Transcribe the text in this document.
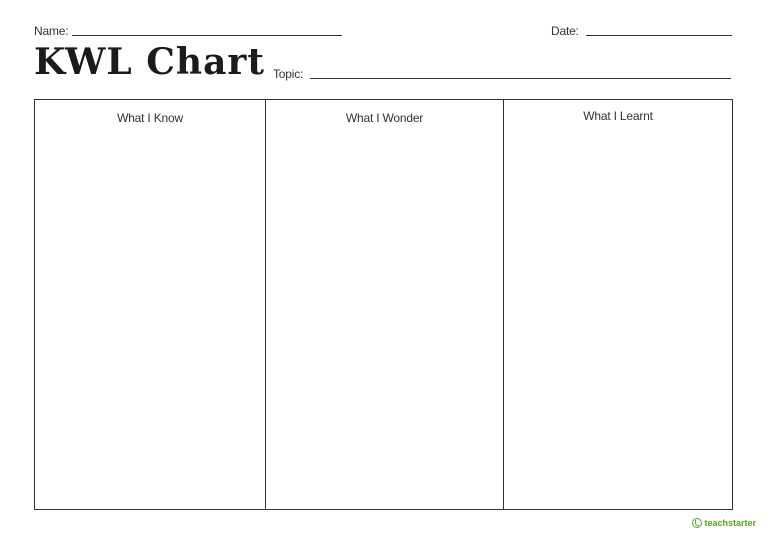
Name:	Date:
KWL Chart Topic:
What I Know	What I Wonder	What I Learnt
teachstarter
